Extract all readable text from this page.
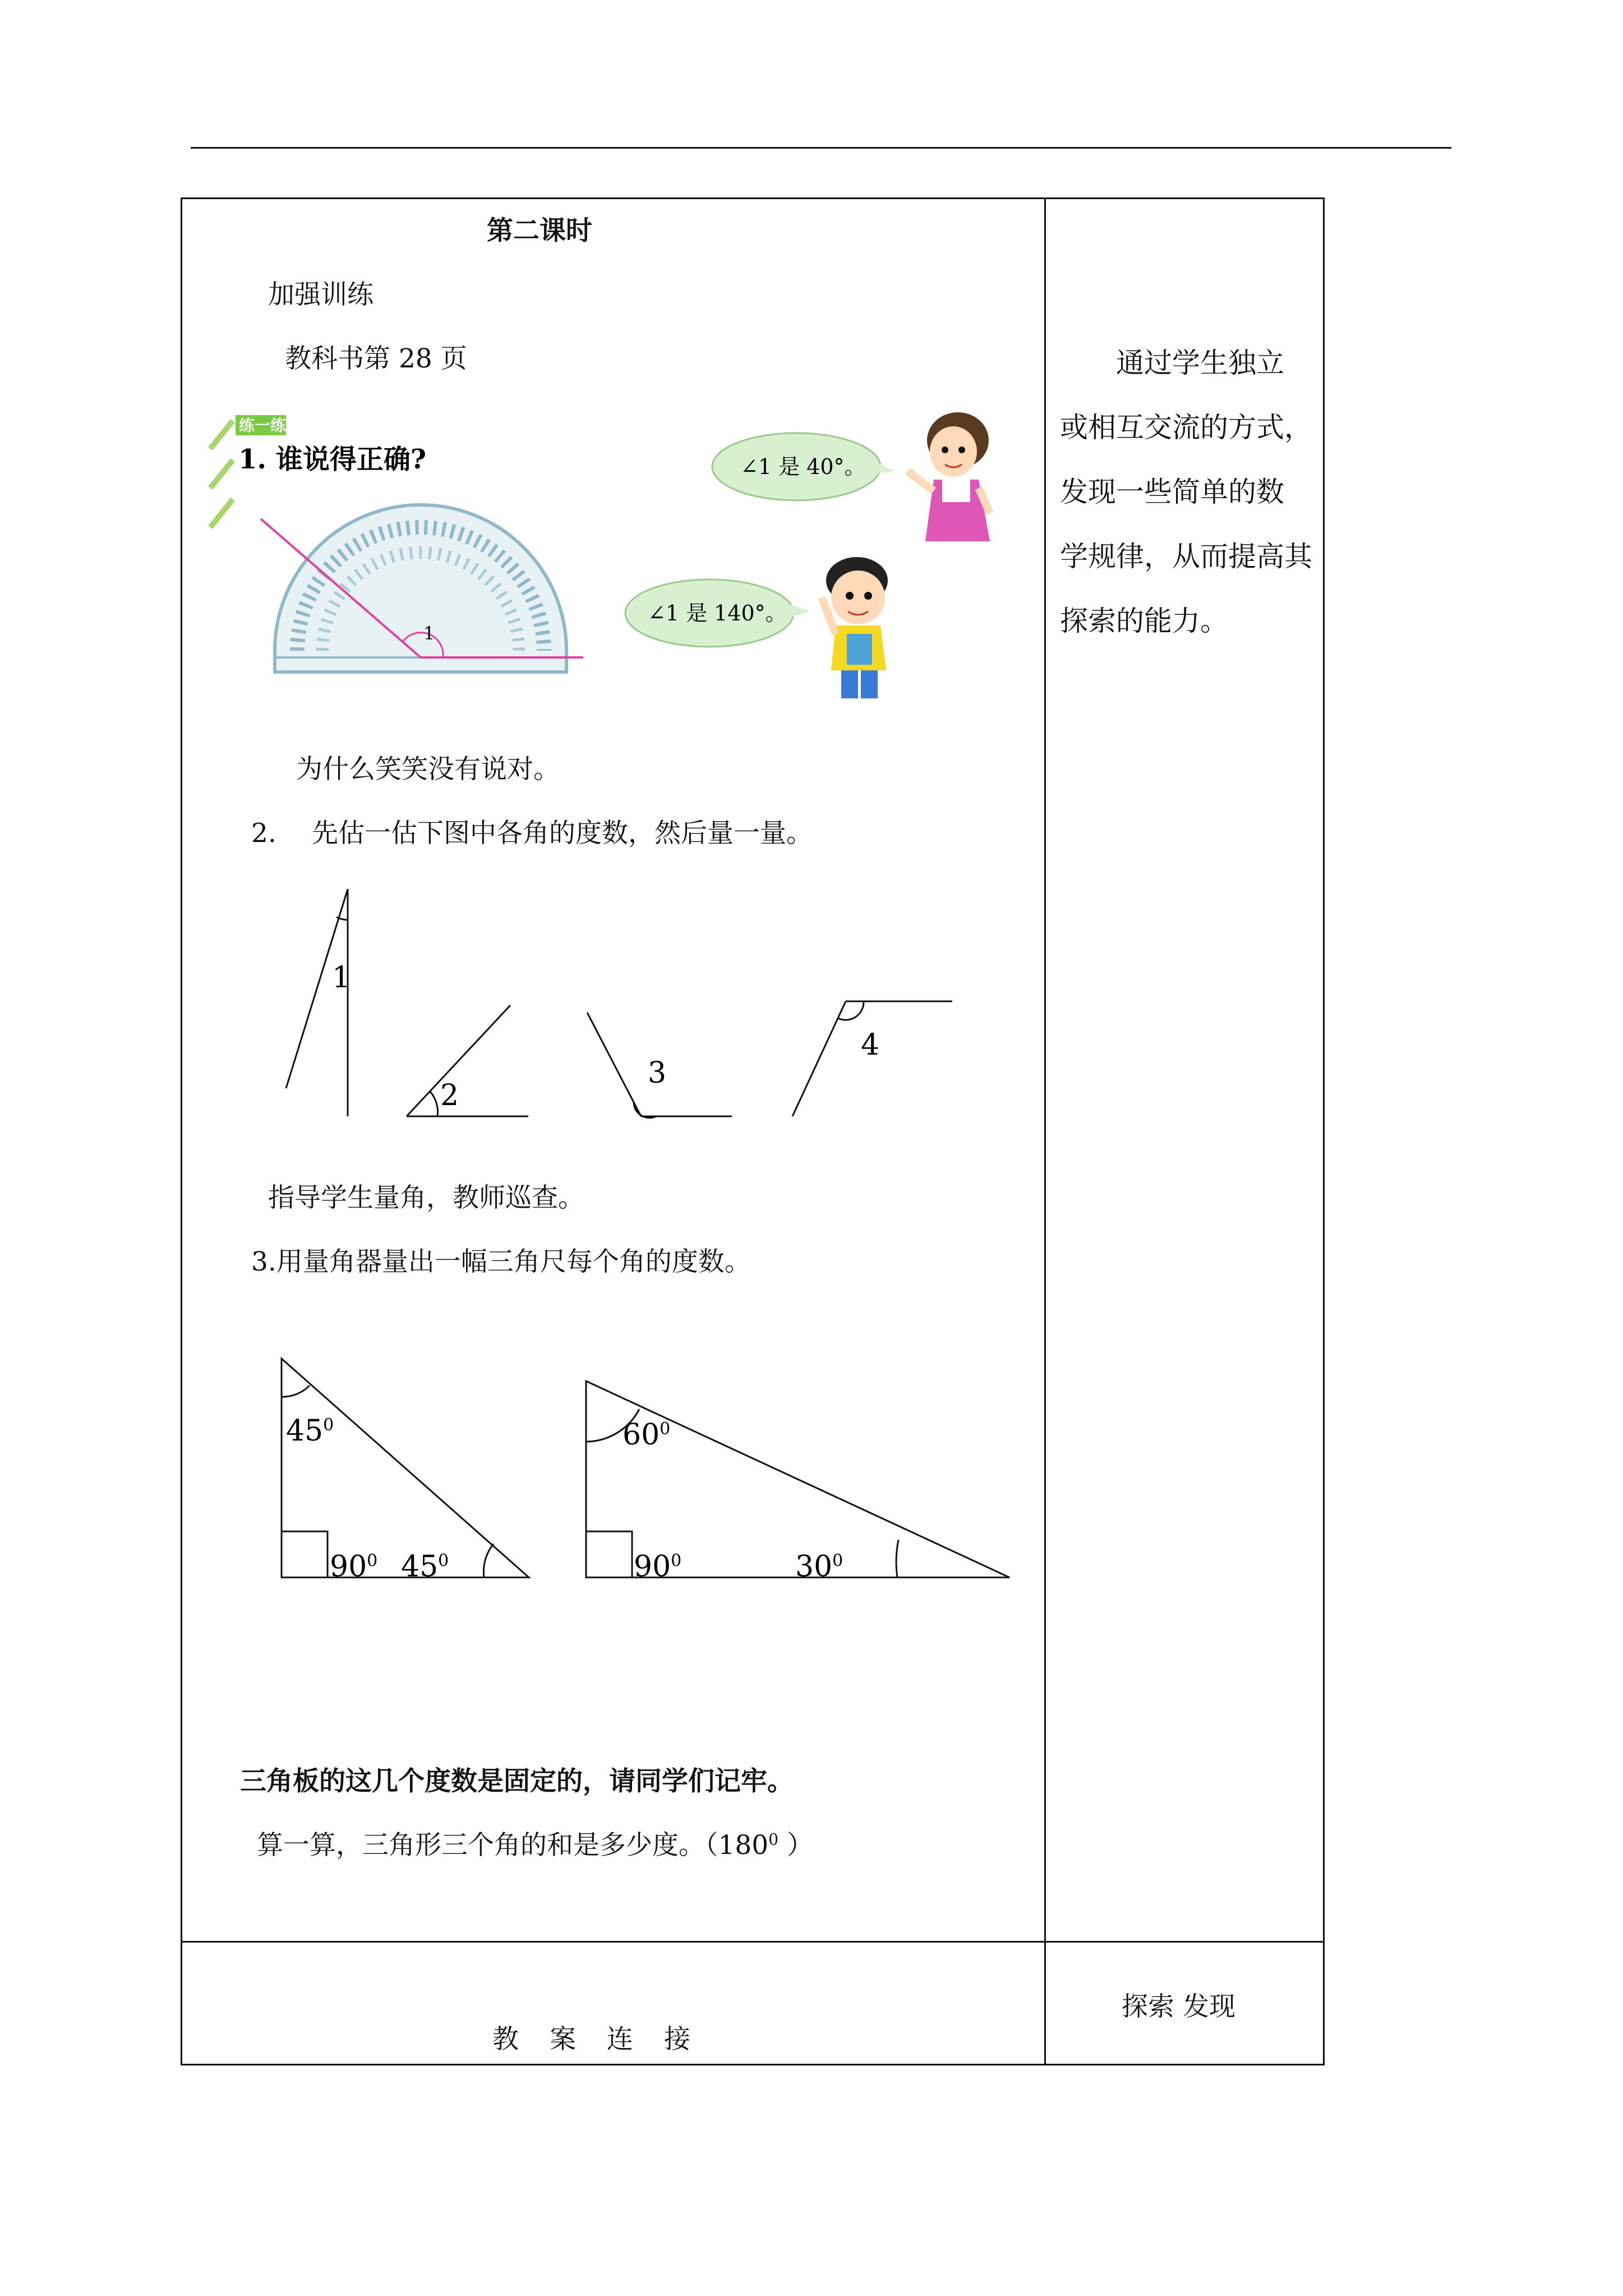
第二课时
加强训练
教科书第 28 页
练一练
1. 谁说得正确?
1
∠1 是 40°。
∠1 是 140°。
为什么笑笑没有说对。
2. 先估一估下图中各角的度数，然后量一量。
1
2
3
4
指导学生量角，教师巡查。
3.用量角器量出一幅三角尺每个角的度数。
$45^0$
$90^0$ $45^0$
$60^0$
$90^0$	$30^0$
三角板的这几个度数是固定的，请同学们记牢。
算一算，三角形三个角的和是多少度。（$180^0$ ）
通过学生独立
或相互交流的方式，
发现一些简单的数
学规律，从而提高其
探索的能力。
教　案　连　接
探索 发现
